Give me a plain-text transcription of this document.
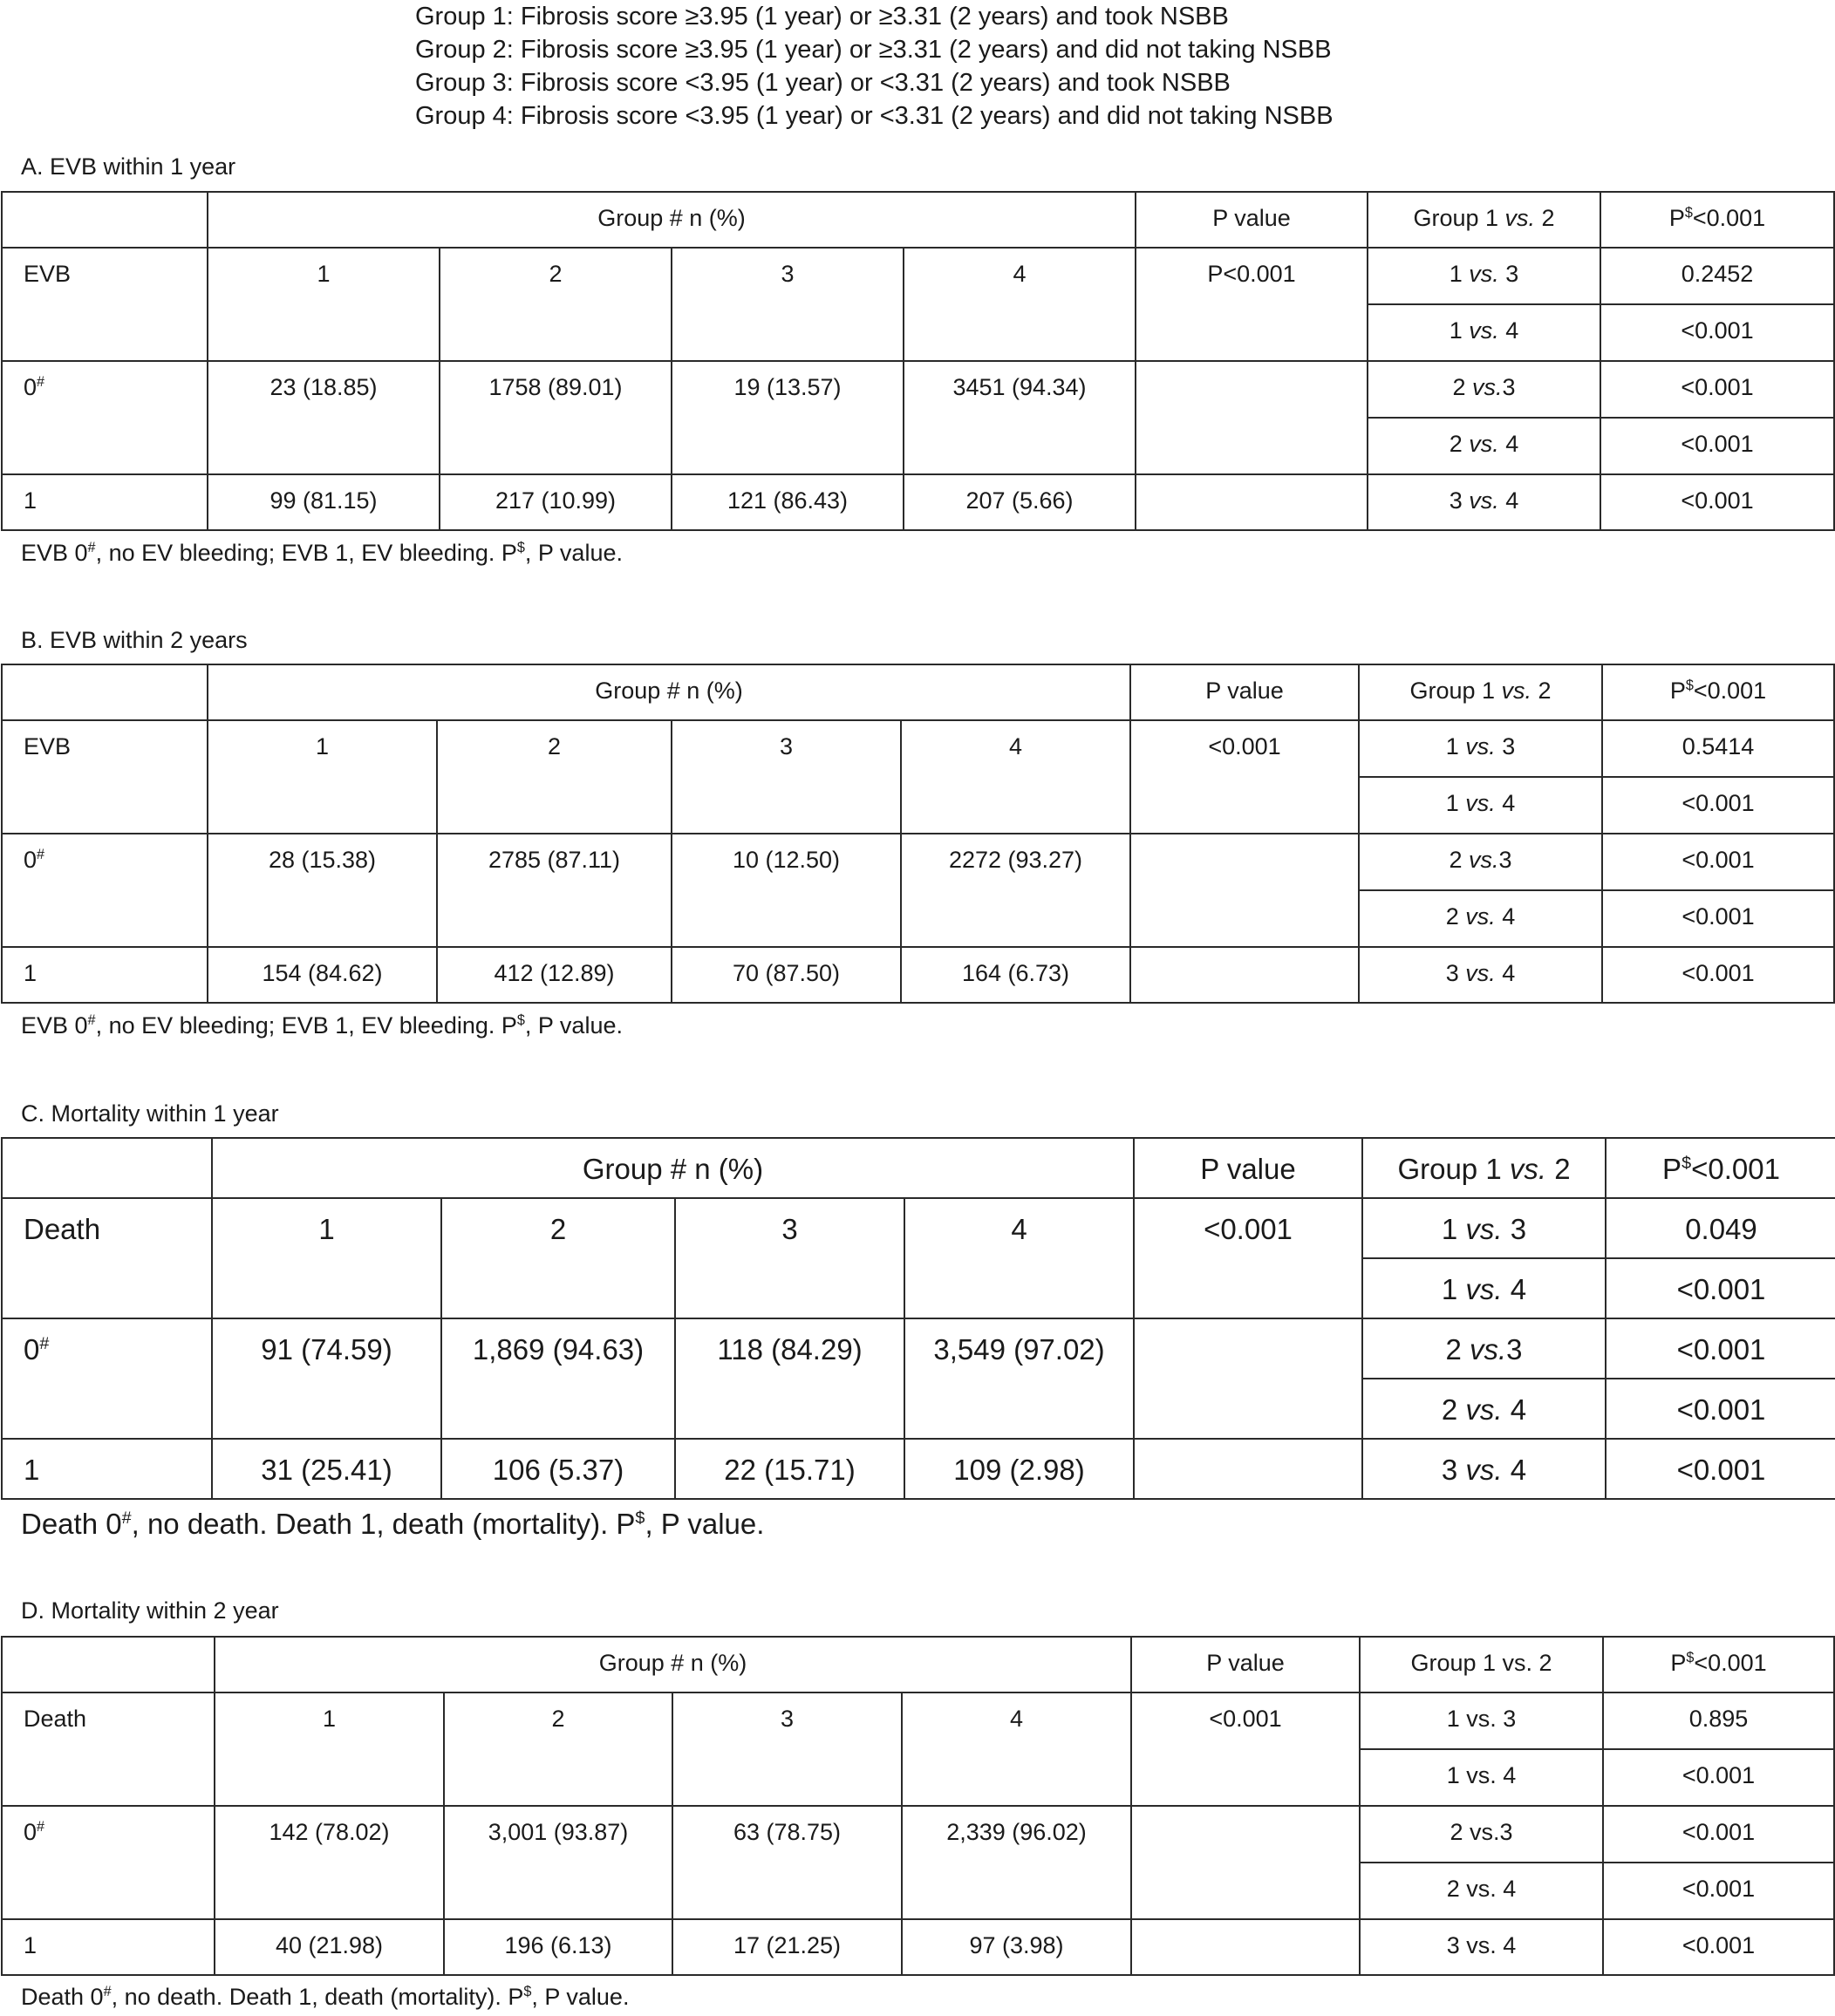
Group 1: Fibrosis score ≥3.95 (1 year) or ≥3.31 (2 years) and took NSBB
Group 2: Fibrosis score ≥3.95 (1 year) or ≥3.31 (2 years) and did not taking NSBB
Group 3: Fibrosis score <3.95 (1 year) or <3.31 (2 years) and took NSBB
Group 4: Fibrosis score <3.95 (1 year) or <3.31 (2 years) and did not taking NSBB
A. EVB within 1 year
	Group # n (%)				P value	Group 1 vs. 2	P$<0.001
EVB	1	2	3	4	P<0.001	1 vs. 3	0.2452
						1 vs. 4	<0.001
0#	23 (18.85)	1758 (89.01)	19 (13.57)	3451 (94.34)		2 vs.3	<0.001
						2 vs. 4	<0.001
1	99 (81.15)	217 (10.99)	121 (86.43)	207 (5.66)		3 vs. 4	<0.001
EVB 0#, no EV bleeding; EVB 1, EV bleeding. P$, P value.
B. EVB within 2 years
	Group # n (%)				P value	Group 1 vs. 2	P$<0.001
EVB	1	2	3	4	<0.001	1 vs. 3	0.5414
						1 vs. 4	<0.001
0#	28 (15.38)	2785 (87.11)	10 (12.50)	2272 (93.27)		2 vs.3	<0.001
						2 vs. 4	<0.001
1	154 (84.62)	412 (12.89)	70 (87.50)	164 (6.73)		3 vs. 4	<0.001
EVB 0#, no EV bleeding; EVB 1, EV bleeding. P$, P value.
C. Mortality within 1 year
	Group # n (%)				P value	Group 1 vs. 2	P$<0.001
Death	1	2	3	4	<0.001	1 vs. 3	0.049
						1 vs. 4	<0.001
0#	91 (74.59)	1,869 (94.63)	118 (84.29)	3,549 (97.02)		2 vs.3	<0.001
						2 vs. 4	<0.001
1	31 (25.41)	106 (5.37)	22 (15.71)	109 (2.98)		3 vs. 4	<0.001
Death 0#, no death. Death 1, death (mortality). P$, P value.
D. Mortality within 2 year
	Group # n (%)				P value	Group 1 vs. 2	P$<0.001
Death	1	2	3	4	<0.001	1 vs. 3	0.895
						1 vs. 4	<0.001
0#	142 (78.02)	3,001 (93.87)	63 (78.75)	2,339 (96.02)		2 vs.3	<0.001
						2 vs. 4	<0.001
1	40 (21.98)	196 (6.13)	17 (21.25)	97 (3.98)		3 vs. 4	<0.001
Death 0#, no death. Death 1, death (mortality). P$, P value.
